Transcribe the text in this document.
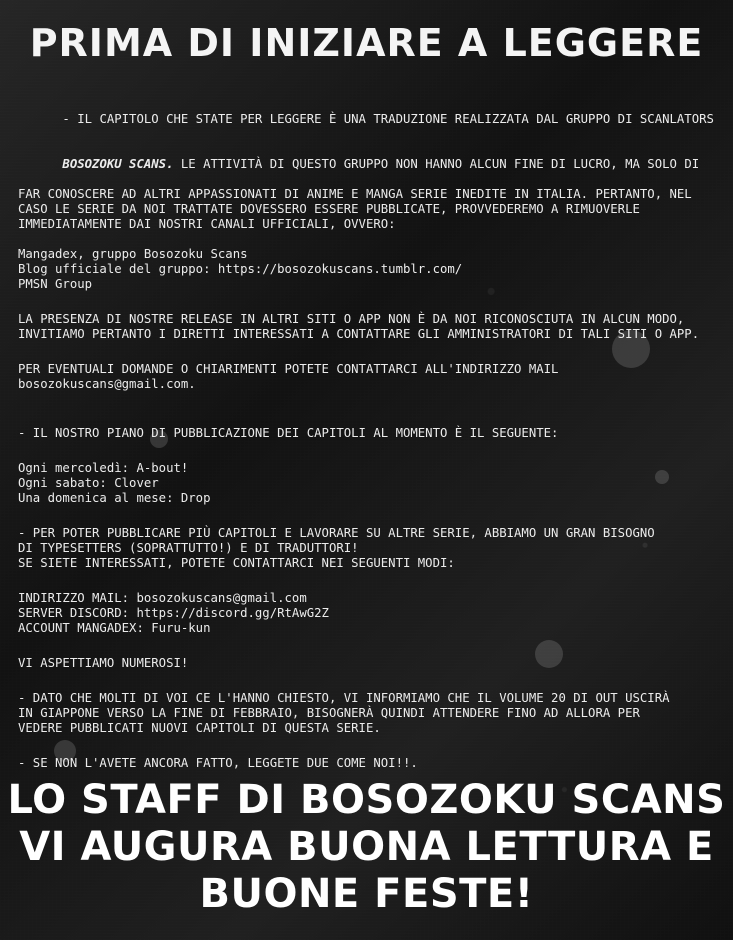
PRIMA DI INIZIARE A LEGGERE

- IL CAPITOLO CHE STATE PER LEGGERE È UNA TRADUZIONE REALIZZATA DAL GRUPPO DI SCANLATORS

BOSOZOKU SCANS. LE ATTIVITÀ DI QUESTO GRUPPO NON HANNO ALCUN FINE DI LUCRO, MA SOLO DI

FAR CONOSCERE AD ALTRI APPASSIONATI DI ANIME E MANGA SERIE INEDITE IN ITALIA. PERTANTO, NEL

CASO LE SERIE DA NOI TRATTATE DOVESSERO ESSERE PUBBLICATE, PROVVEDEREMO A RIMUOVERLE

IMMEDIATAMENTE DAI NOSTRI CANALI UFFICIALI, OVVERO:

Mangadex, gruppo Bosozoku Scans

Blog ufficiale del gruppo: https://bosozokuscans.tumblr.com/

PMSN Group

LA PRESENZA DI NOSTRE RELEASE IN ALTRI SITI O APP NON È DA NOI RICONOSCIUTA IN ALCUN MODO,

INVITIAMO PERTANTO I DIRETTI INTERESSATI A CONTATTARE GLI AMMINISTRATORI DI TALI SITI O APP.

PER EVENTUALI DOMANDE O CHIARIMENTI POTETE CONTATTARCI ALL'INDIRIZZO MAIL

bosozokuscans@gmail.com.

- IL NOSTRO PIANO DI PUBBLICAZIONE DEI CAPITOLI AL MOMENTO È IL SEGUENTE:

Ogni mercoledì: A-bout!

Ogni sabato: Clover

Una domenica al mese: Drop

- PER POTER PUBBLICARE PIÙ CAPITOLI E LAVORARE SU ALTRE SERIE, ABBIAMO UN GRAN BISOGNO

DI TYPESETTERS (SOPRATTUTTO!) E DI TRADUTTORI!

SE SIETE INTERESSATI, POTETE CONTATTARCI NEI SEGUENTI MODI:

INDIRIZZO MAIL: bosozokuscans@gmail.com

SERVER DISCORD: https://discord.gg/RtAwG2Z

ACCOUNT MANGADEX: Furu-kun

VI ASPETTIAMO NUMEROSI!

- DATO CHE MOLTI DI VOI CE L'HANNO CHIESTO, VI INFORMIAMO CHE IL VOLUME 20 DI OUT USCIRÀ

IN GIAPPONE VERSO LA FINE DI FEBBRAIO, BISOGNERÀ QUINDI ATTENDERE FINO AD ALLORA PER

VEDERE PUBBLICATI NUOVI CAPITOLI DI QUESTA SERIE.

- SE NON L'AVETE ANCORA FATTO, LEGGETE DUE COME NOI!!.

LO STAFF DI BOSOZOKU SCANS
VI AUGURA BUONA LETTURA E
BUONE FESTE!
